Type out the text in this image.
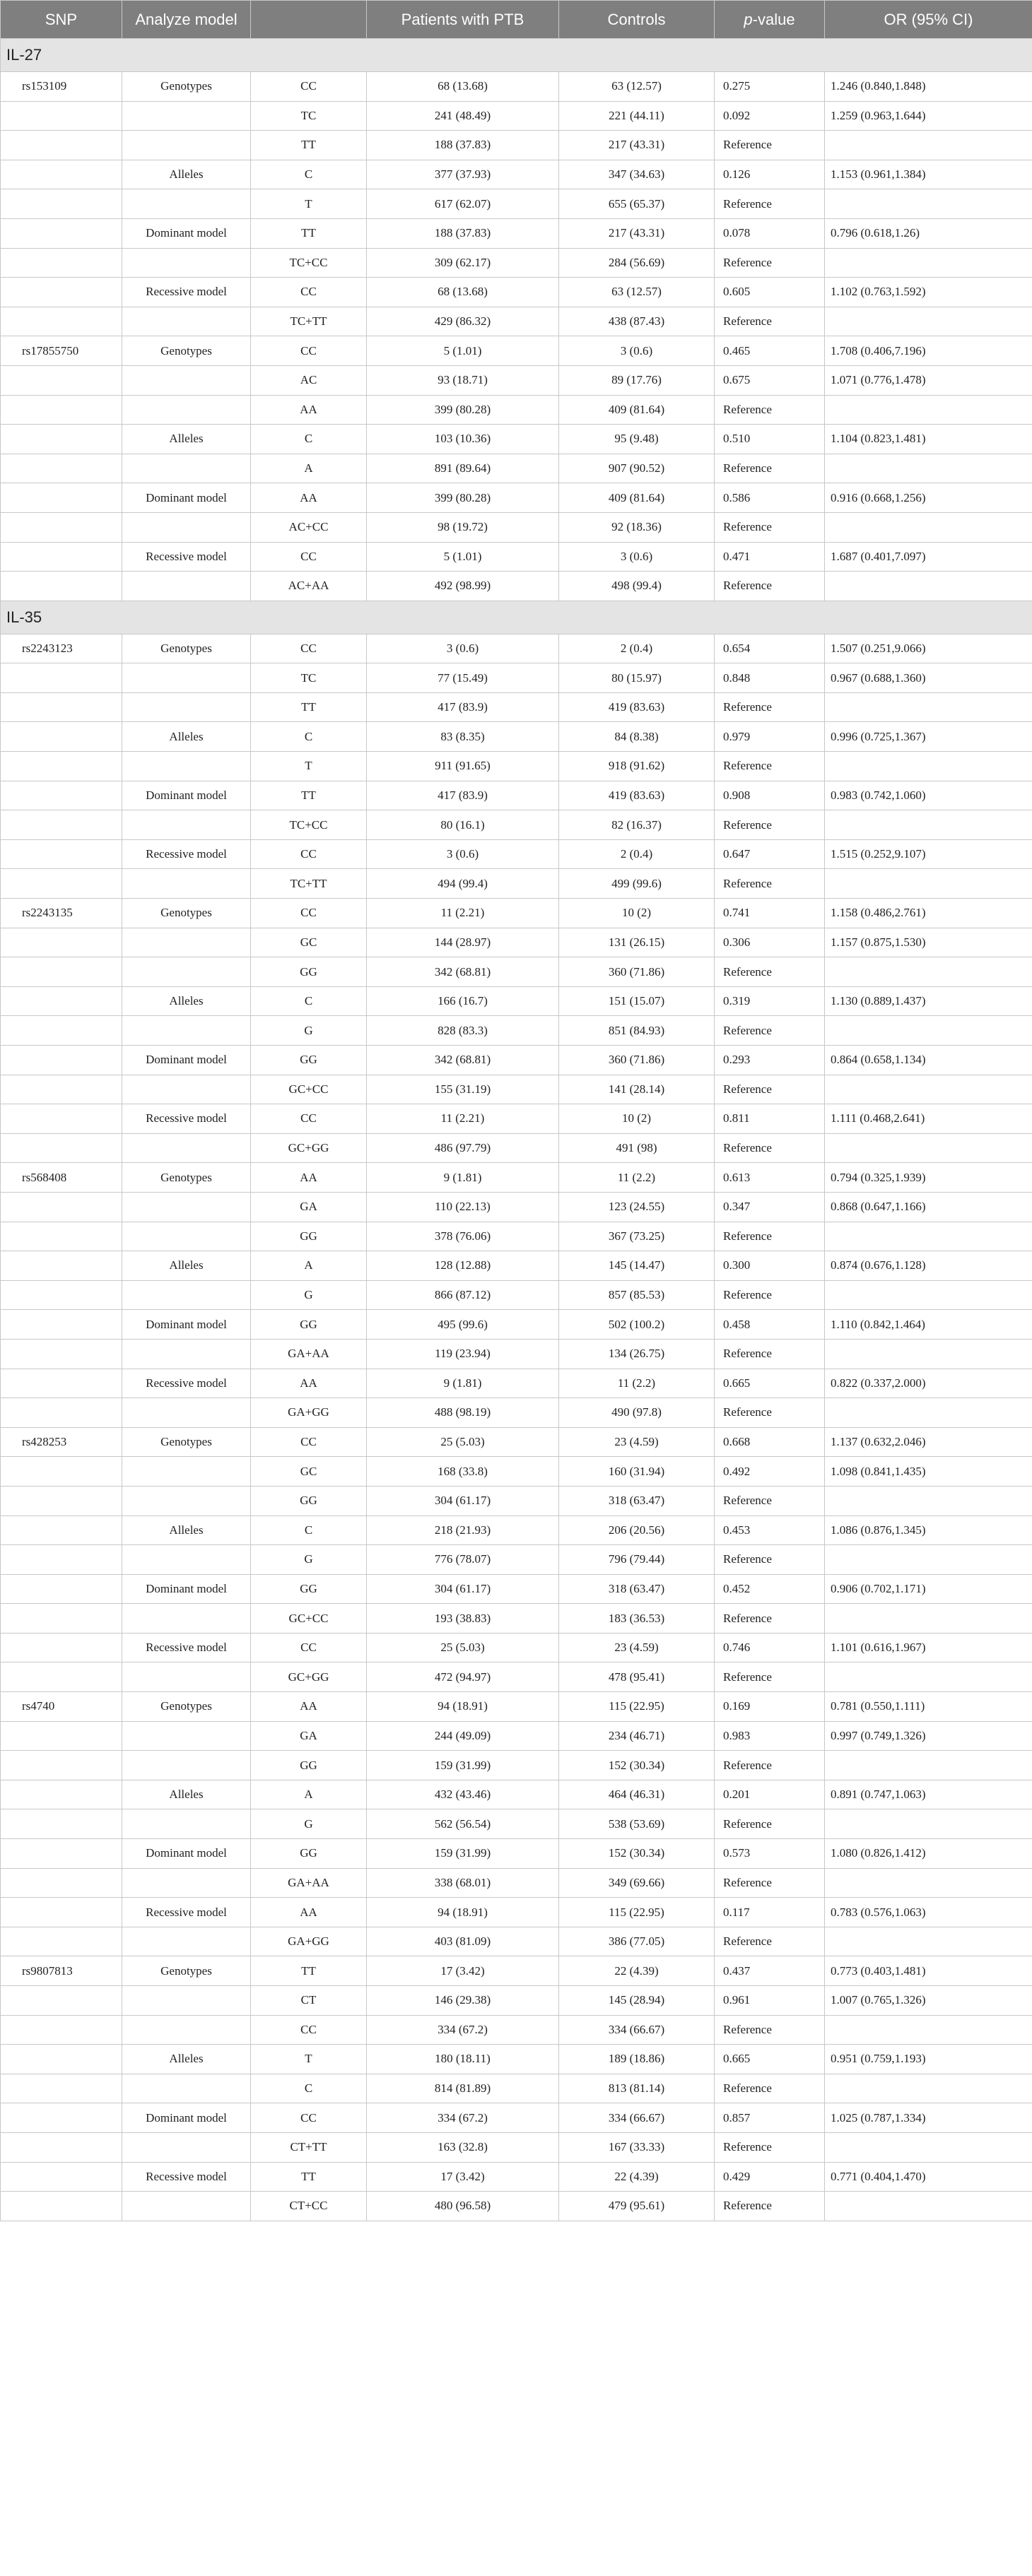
SNP	Analyze model		Patients with PTB	Controls	p-value	OR (95% CI)
IL-27						
rs153109	Genotypes	CC	68 (13.68)	63 (12.57)	0.275	1.246 (0.840,1.848)
		TC	241 (48.49)	221 (44.11)	0.092	1.259 (0.963,1.644)
		TT	188 (37.83)	217 (43.31)	Reference	
	Alleles	C	377 (37.93)	347 (34.63)	0.126	1.153 (0.961,1.384)
		T	617 (62.07)	655 (65.37)	Reference	
	Dominant model	TT	188 (37.83)	217 (43.31)	0.078	0.796 (0.618,1.26)
		TC+CC	309 (62.17)	284 (56.69)	Reference	
	Recessive model	CC	68 (13.68)	63 (12.57)	0.605	1.102 (0.763,1.592)
		TC+TT	429 (86.32)	438 (87.43)	Reference	
rs17855750	Genotypes	CC	5 (1.01)	3 (0.6)	0.465	1.708 (0.406,7.196)
		AC	93 (18.71)	89 (17.76)	0.675	1.071 (0.776,1.478)
		AA	399 (80.28)	409 (81.64)	Reference	
	Alleles	C	103 (10.36)	95 (9.48)	0.510	1.104 (0.823,1.481)
		A	891 (89.64)	907 (90.52)	Reference	
	Dominant model	AA	399 (80.28)	409 (81.64)	0.586	0.916 (0.668,1.256)
		AC+CC	98 (19.72)	92 (18.36)	Reference	
	Recessive model	CC	5 (1.01)	3 (0.6)	0.471	1.687 (0.401,7.097)
		AC+AA	492 (98.99)	498 (99.4)	Reference	
IL-35						
rs2243123	Genotypes	CC	3 (0.6)	2 (0.4)	0.654	1.507 (0.251,9.066)
		TC	77 (15.49)	80 (15.97)	0.848	0.967 (0.688,1.360)
		TT	417 (83.9)	419 (83.63)	Reference	
	Alleles	C	83 (8.35)	84 (8.38)	0.979	0.996 (0.725,1.367)
		T	911 (91.65)	918 (91.62)	Reference	
	Dominant model	TT	417 (83.9)	419 (83.63)	0.908	0.983 (0.742,1.060)
		TC+CC	80 (16.1)	82 (16.37)	Reference	
	Recessive model	CC	3 (0.6)	2 (0.4)	0.647	1.515 (0.252,9.107)
		TC+TT	494 (99.4)	499 (99.6)	Reference	
rs2243135	Genotypes	CC	11 (2.21)	10 (2)	0.741	1.158 (0.486,2.761)
		GC	144 (28.97)	131 (26.15)	0.306	1.157 (0.875,1.530)
		GG	342 (68.81)	360 (71.86)	Reference	
	Alleles	C	166 (16.7)	151 (15.07)	0.319	1.130 (0.889,1.437)
		G	828 (83.3)	851 (84.93)	Reference	
	Dominant model	GG	342 (68.81)	360 (71.86)	0.293	0.864 (0.658,1.134)
		GC+CC	155 (31.19)	141 (28.14)	Reference	
	Recessive model	CC	11 (2.21)	10 (2)	0.811	1.111 (0.468,2.641)
		GC+GG	486 (97.79)	491 (98)	Reference	
rs568408	Genotypes	AA	9 (1.81)	11 (2.2)	0.613	0.794 (0.325,1.939)
		GA	110 (22.13)	123 (24.55)	0.347	0.868 (0.647,1.166)
		GG	378 (76.06)	367 (73.25)	Reference	
	Alleles	A	128 (12.88)	145 (14.47)	0.300	0.874 (0.676,1.128)
		G	866 (87.12)	857 (85.53)	Reference	
	Dominant model	GG	495 (99.6)	502 (100.2)	0.458	1.110 (0.842,1.464)
		GA+AA	119 (23.94)	134 (26.75)	Reference	
	Recessive model	AA	9 (1.81)	11 (2.2)	0.665	0.822 (0.337,2.000)
		GA+GG	488 (98.19)	490 (97.8)	Reference	
rs428253	Genotypes	CC	25 (5.03)	23 (4.59)	0.668	1.137 (0.632,2.046)
		GC	168 (33.8)	160 (31.94)	0.492	1.098 (0.841,1.435)
		GG	304 (61.17)	318 (63.47)	Reference	
	Alleles	C	218 (21.93)	206 (20.56)	0.453	1.086 (0.876,1.345)
		G	776 (78.07)	796 (79.44)	Reference	
	Dominant model	GG	304 (61.17)	318 (63.47)	0.452	0.906 (0.702,1.171)
		GC+CC	193 (38.83)	183 (36.53)	Reference	
	Recessive model	CC	25 (5.03)	23 (4.59)	0.746	1.101 (0.616,1.967)
		GC+GG	472 (94.97)	478 (95.41)	Reference	
rs4740	Genotypes	AA	94 (18.91)	115 (22.95)	0.169	0.781 (0.550,1.111)
		GA	244 (49.09)	234 (46.71)	0.983	0.997 (0.749,1.326)
		GG	159 (31.99)	152 (30.34)	Reference	
	Alleles	A	432 (43.46)	464 (46.31)	0.201	0.891 (0.747,1.063)
		G	562 (56.54)	538 (53.69)	Reference	
	Dominant model	GG	159 (31.99)	152 (30.34)	0.573	1.080 (0.826,1.412)
		GA+AA	338 (68.01)	349 (69.66)	Reference	
	Recessive model	AA	94 (18.91)	115 (22.95)	0.117	0.783 (0.576,1.063)
		GA+GG	403 (81.09)	386 (77.05)	Reference	
rs9807813	Genotypes	TT	17 (3.42)	22 (4.39)	0.437	0.773 (0.403,1.481)
		CT	146 (29.38)	145 (28.94)	0.961	1.007 (0.765,1.326)
		CC	334 (67.2)	334 (66.67)	Reference	
	Alleles	T	180 (18.11)	189 (18.86)	0.665	0.951 (0.759,1.193)
		C	814 (81.89)	813 (81.14)	Reference	
	Dominant model	CC	334 (67.2)	334 (66.67)	0.857	1.025 (0.787,1.334)
		CT+TT	163 (32.8)	167 (33.33)	Reference	
	Recessive model	TT	17 (3.42)	22 (4.39)	0.429	0.771 (0.404,1.470)
		CT+CC	480 (96.58)	479 (95.61)	Reference	
